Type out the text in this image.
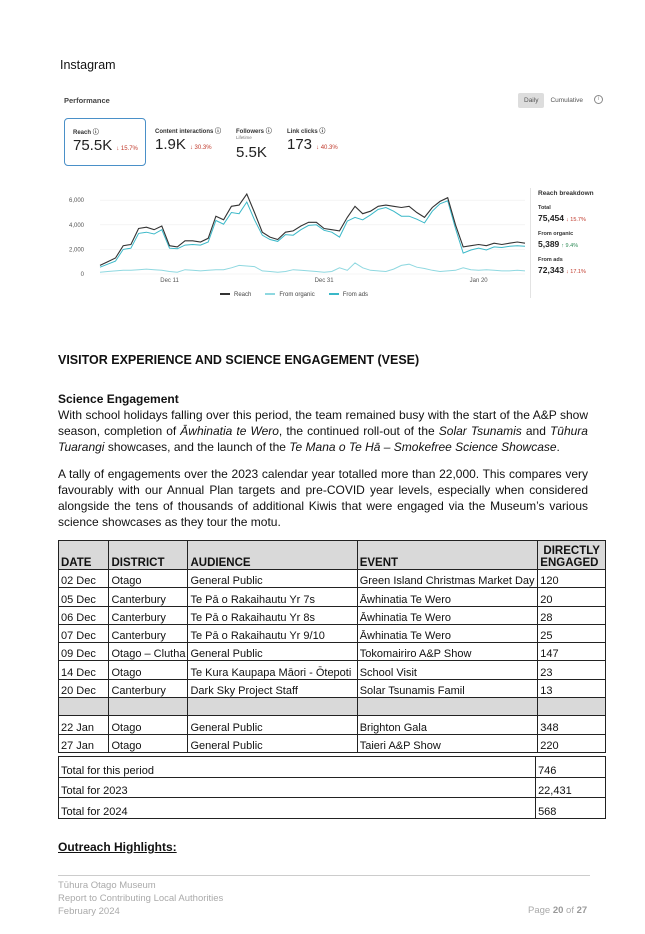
Instagram
Performance	Daily	Cumulative	i
Reach ⓘ
75.5K ↓ 15.7%
Content interactions ⓘ
1.9K ↓ 30.3%
Followers ⓘ
Lifetime
5.5K
Link clicks ⓘ
173 ↓ 40.3%
6,000
4,000
2,000
0
Dec 11	Dec 31	Jan 20
Reach	From organic	From ads
Reach breakdown
Total
75,454 ↓ 15.7%
From organic
5,389 ↑ 9.4%
From ads
72,343 ↓ 17.1%
VISITOR EXPERIENCE AND SCIENCE ENGAGEMENT (VESE)
Science Engagement
With school holidays falling over this period, the team remained busy with the start of the A&P show season, completion of Āwhinatia te Wero, the continued roll-out of the Solar Tsunamis and Tūhura Tuarangi showcases, and the launch of the Te Mana o Te Hā – Smokefree Science Showcase.
A tally of engagements over the 2023 calendar year totalled more than 22,000. This compares very favourably with our Annual Plan targets and pre-COVID year levels, especially when considered alongside the tens of thousands of additional Kiwis that were engaged via the Museum’s various science showcases as they tour the motu.
DATE	DISTRICT	AUDIENCE	EVENT	DIRECTLY
ENGAGED

02 Dec	Otago	General Public	Green Island Christmas Market Day	120
05 Dec	Canterbury	Te Pā o Rakaihautu Yr 7s	Āwhinatia Te Wero	20
06 Dec	Canterbury	Te Pā o Rakaihautu Yr 8s	Āwhinatia Te Wero	28
07 Dec	Canterbury	Te Pā o Rakaihautu Yr 9/10	Āwhinatia Te Wero	25
09 Dec	Otago – Clutha	General Public	Tokomairiro A&P Show	147
14 Dec	Otago	Te Kura Kaupapa Māori - Ōtepoti	School Visit	23
20 Dec	Canterbury	Dark Sky Project Staff	Solar Tsunamis Famil	13

22 Jan	Otago	General Public	Brighton Gala	348
27 Jan	Otago	General Public	Taieri A&P Show	220
Total for this period	746
Total for 2023	22,431
Total for 2024	568
Outreach Highlights:
Tūhura Otago Museum
Report to Contributing Local Authorities
February 2024	Page 20 of 27
